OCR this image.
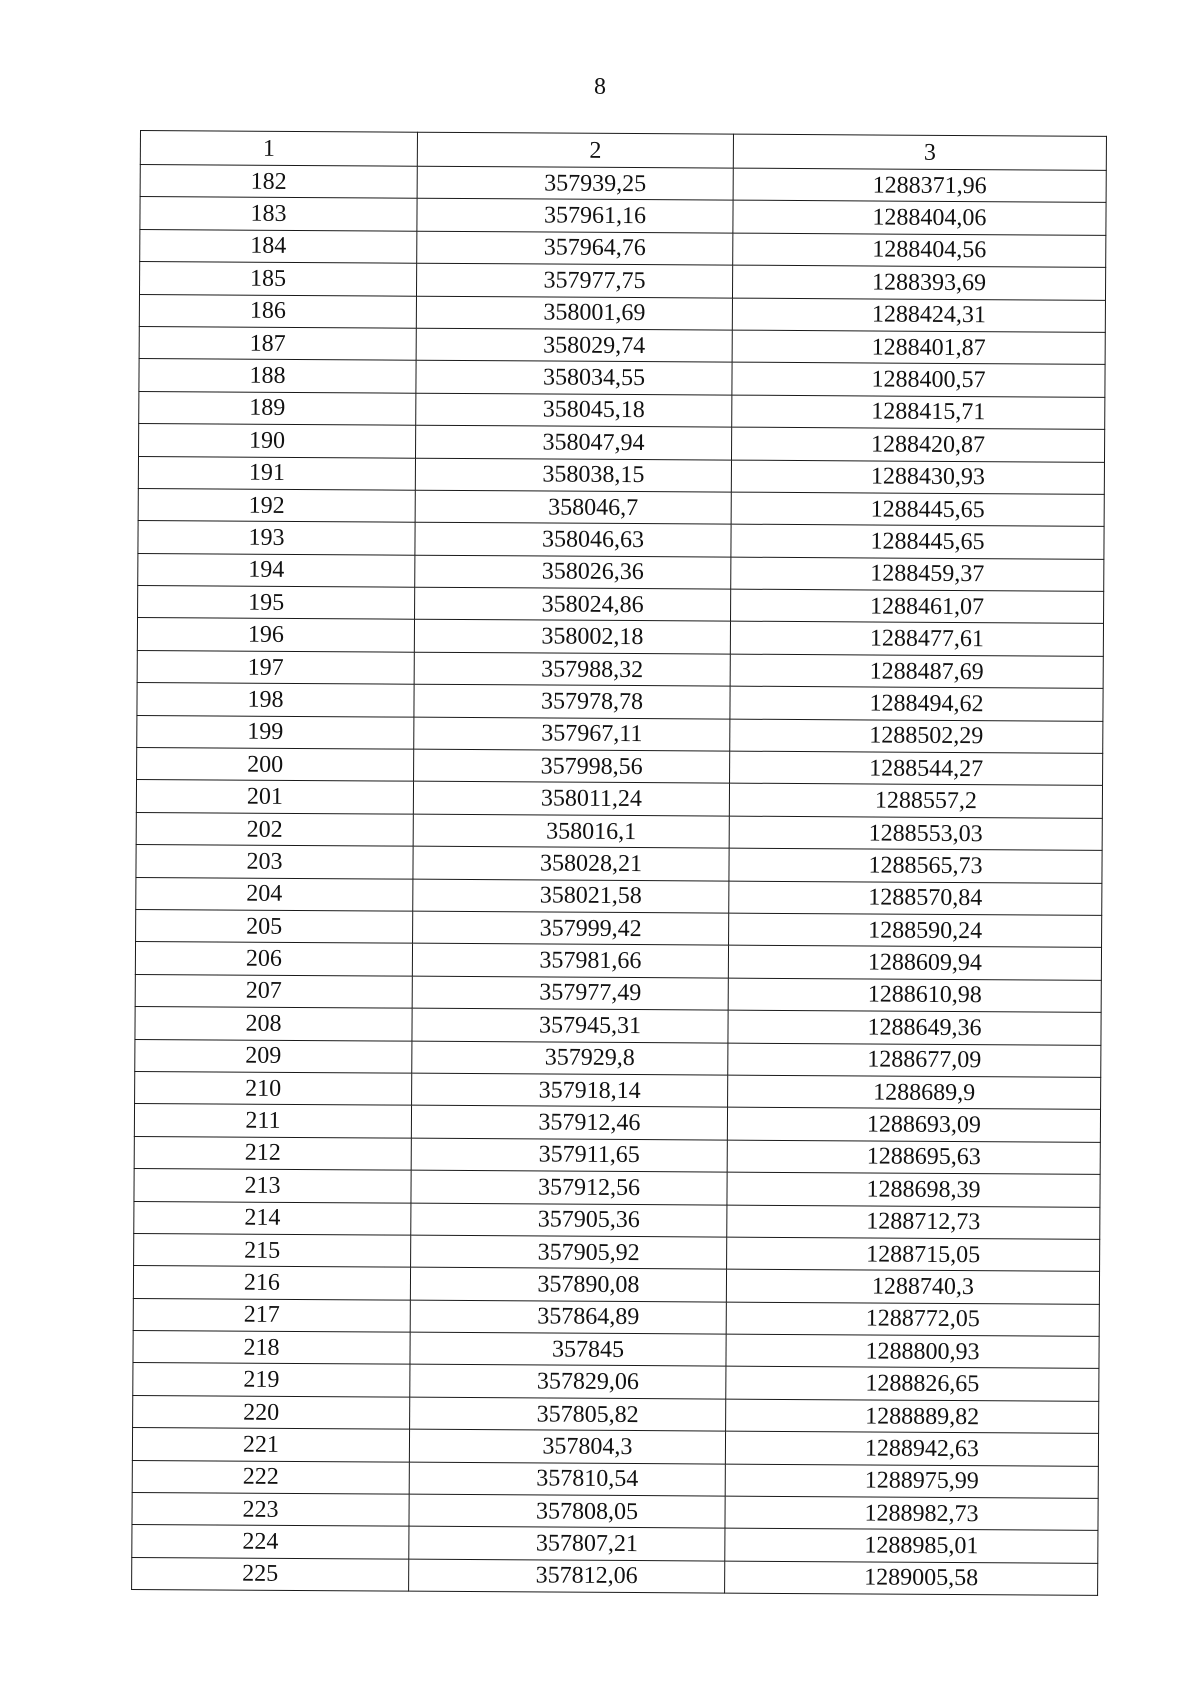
8
1	2	3
182	357939,25	1288371,96
183	357961,16	1288404,06
184	357964,76	1288404,56
185	357977,75	1288393,69
186	358001,69	1288424,31
187	358029,74	1288401,87
188	358034,55	1288400,57
189	358045,18	1288415,71
190	358047,94	1288420,87
191	358038,15	1288430,93
192	358046,7	1288445,65
193	358046,63	1288445,65
194	358026,36	1288459,37
195	358024,86	1288461,07
196	358002,18	1288477,61
197	357988,32	1288487,69
198	357978,78	1288494,62
199	357967,11	1288502,29
200	357998,56	1288544,27
201	358011,24	1288557,2
202	358016,1	1288553,03
203	358028,21	1288565,73
204	358021,58	1288570,84
205	357999,42	1288590,24
206	357981,66	1288609,94
207	357977,49	1288610,98
208	357945,31	1288649,36
209	357929,8	1288677,09
210	357918,14	1288689,9
211	357912,46	1288693,09
212	357911,65	1288695,63
213	357912,56	1288698,39
214	357905,36	1288712,73
215	357905,92	1288715,05
216	357890,08	1288740,3
217	357864,89	1288772,05
218	357845	1288800,93
219	357829,06	1288826,65
220	357805,82	1288889,82
221	357804,3	1288942,63
222	357810,54	1288975,99
223	357808,05	1288982,73
224	357807,21	1288985,01
225	357812,06	1289005,58
